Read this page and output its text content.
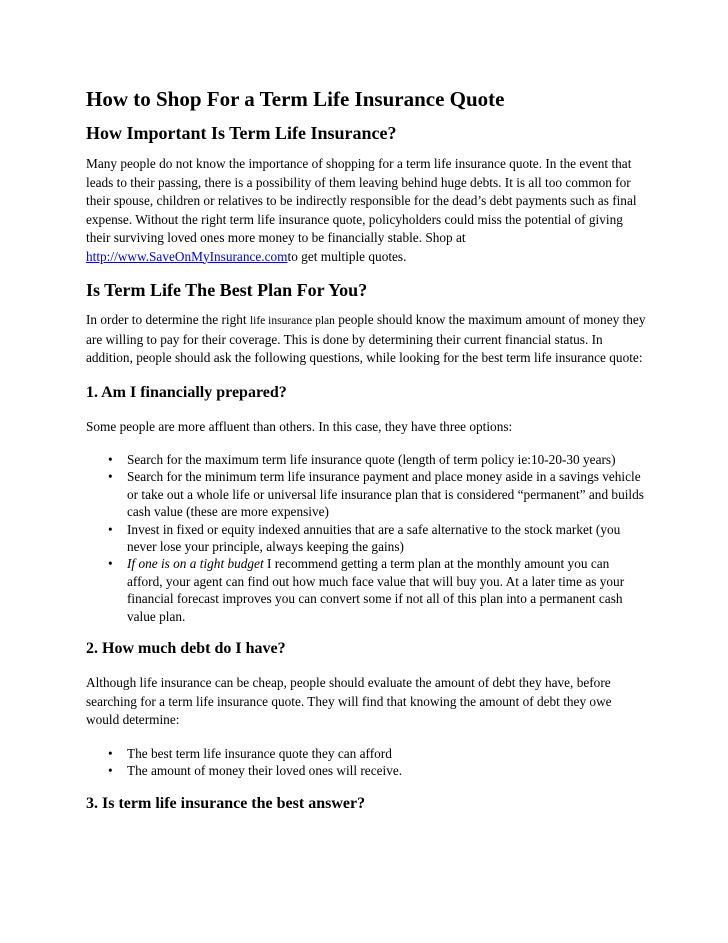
How to Shop For a Term Life Insurance Quote
How Important Is Term Life Insurance?

Many people do not know the importance of shopping for a term life insurance quote. In the event that leads to their passing, there is a possibility of them leaving behind huge debts. It is all too common for their spouse, children or relatives to be indirectly responsible for the dead’s debt payments such as final expense. Without the right term life insurance quote, policyholders could miss the potential of giving their surviving loved ones more money to be financially stable. Shop at http://www.SaveOnMyInsurance.comto get multiple quotes.

Is Term Life The Best Plan For You?

In order to determine the right life insurance plan people should know the maximum amount of money they are willing to pay for their coverage. This is done by determining their current financial status. In addition, people should ask the following questions, while looking for the best term life insurance quote:

1. Am I financially prepared?

Some people are more affluent than others. In this case, they have three options:

• Search for the maximum term life insurance quote (length of term policy ie:10-20-30 years)
• Search for the minimum term life insurance payment and place money aside in a savings vehicle or take out a whole life or universal life insurance plan that is considered “permanent” and builds cash value (these are more expensive)
• Invest in fixed or equity indexed annuities that are a safe alternative to the stock market (you never lose your principle, always keeping the gains)
• If one is on a tight budget I recommend getting a term plan at the monthly amount you can afford, your agent can find out how much face value that will buy you. At a later time as your financial forecast improves you can convert some if not all of this plan into a permanent cash value plan.
2. How much debt do I have?

Although life insurance can be cheap, people should evaluate the amount of debt they have, before searching for a term life insurance quote. They will find that knowing the amount of debt they owe would determine:

• The best term life insurance quote they can afford
• The amount of money their loved ones will receive.
3. Is term life insurance the best answer?
